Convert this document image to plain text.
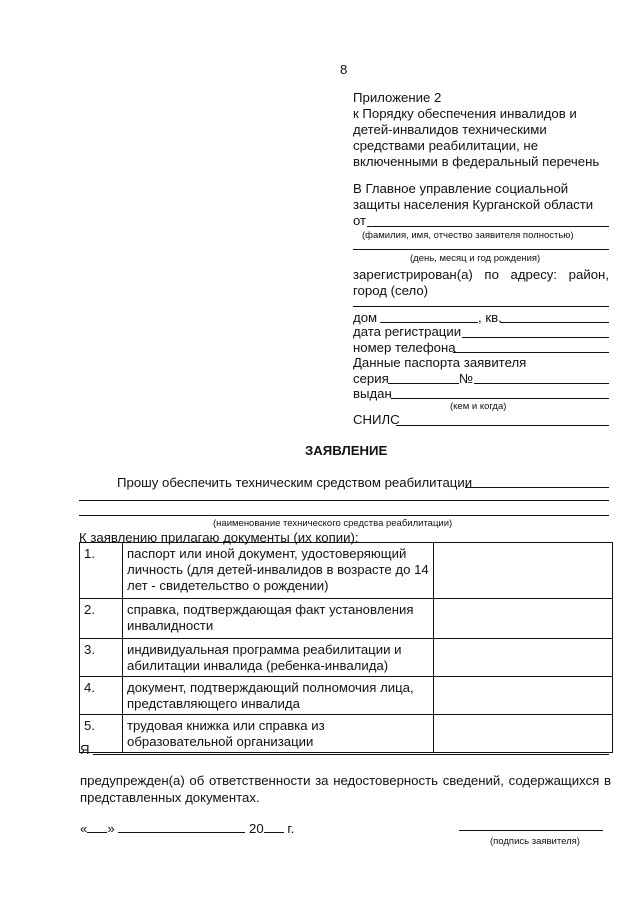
8
Приложение 2
к Порядку обеспечения инвалидов и
детей-инвалидов техническими
средствами реабилитации, не
включенными в федеральный перечень
В Главное управление социальной
защиты населения Курганской области
от
(фамилия, имя, отчество заявителя полностью)
(день, месяц и год рождения)
зарегистрирован(а) по адресу: район,
город (село)
дом	, кв.
дата регистрации
номер телефона
Данные паспорта заявителя
серия	№
выдан
(кем и когда)
СНИЛС
ЗАЯВЛЕНИЕ
Прошу обеспечить техническим средством реабилитации
(наименование технического средства реабилитации)
К заявлению прилагаю документы (их копии):
1.	паспорт или иной документ, удостоверяющий личность (для детей-инвалидов в возрасте до 14 лет - свидетельство о рождении)	
2.	справка, подтверждающая факт установления инвалидности	
3.	индивидуальная программа реабилитации и абилитации инвалида (ребенка-инвалида)	
4.	документ, подтверждающий полномочия лица, представляющего инвалида	
5.	трудовая книжка или справка из образовательной организации	
Я
предупрежден(а) об ответственности за недостоверность сведений, содержащихся в представленных документах.
« »	20 г.
(подпись заявителя)
